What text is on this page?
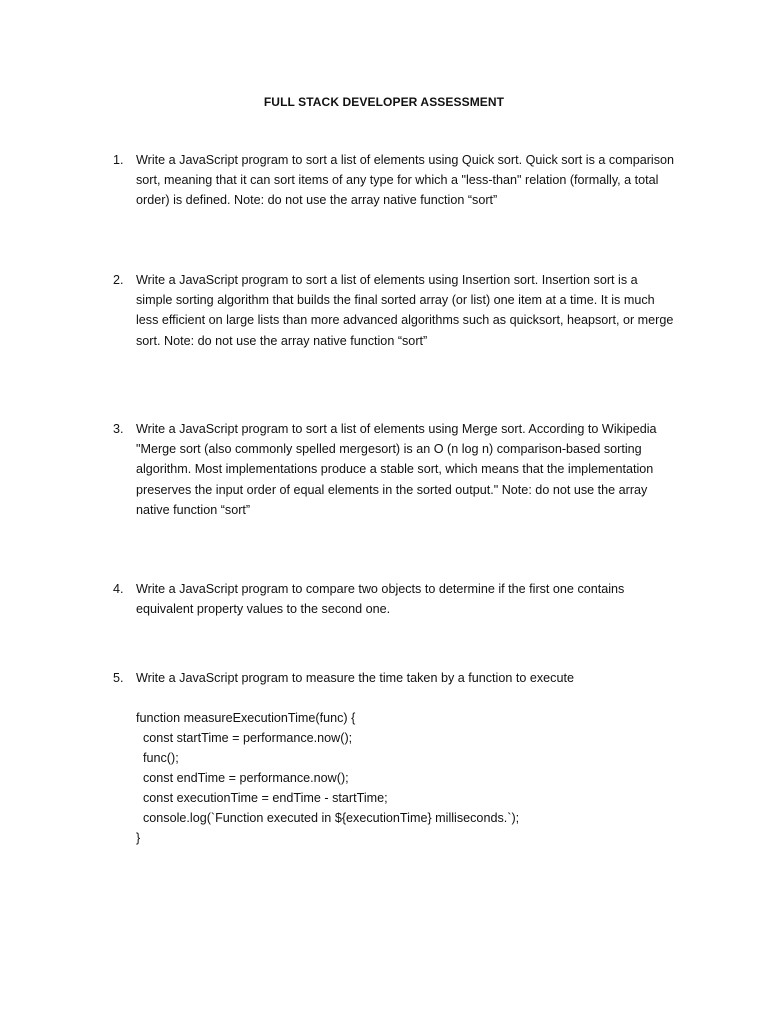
FULL STACK DEVELOPER ASSESSMENT
1. Write a JavaScript program to sort a list of elements using Quick sort. Quick sort is a comparison
sort, meaning that it can sort items of any type for which a "less-than" relation (formally, a total
order) is defined. Note: do not use the array native function “sort”
2. Write a JavaScript program to sort a list of elements using Insertion sort. Insertion sort is a
simple sorting algorithm that builds the final sorted array (or list) one item at a time. It is much
less efficient on large lists than more advanced algorithms such as quicksort, heapsort, or merge
sort. Note: do not use the array native function “sort”
3. Write a JavaScript program to sort a list of elements using Merge sort. According to Wikipedia
"Merge sort (also commonly spelled mergesort) is an O (n log n) comparison-based sorting
algorithm. Most implementations produce a stable sort, which means that the implementation
preserves the input order of equal elements in the sorted output." Note: do not use the array
native function “sort”
4. Write a JavaScript program to compare two objects to determine if the first one contains
equivalent property values to the second one.
5. Write a JavaScript program to measure the time taken by a function to execute
function measureExecutionTime(func) {
const startTime = performance.now();
func();
const endTime = performance.now();
const executionTime = endTime - startTime;
console.log(`Function executed in ${executionTime} milliseconds.`);
}
